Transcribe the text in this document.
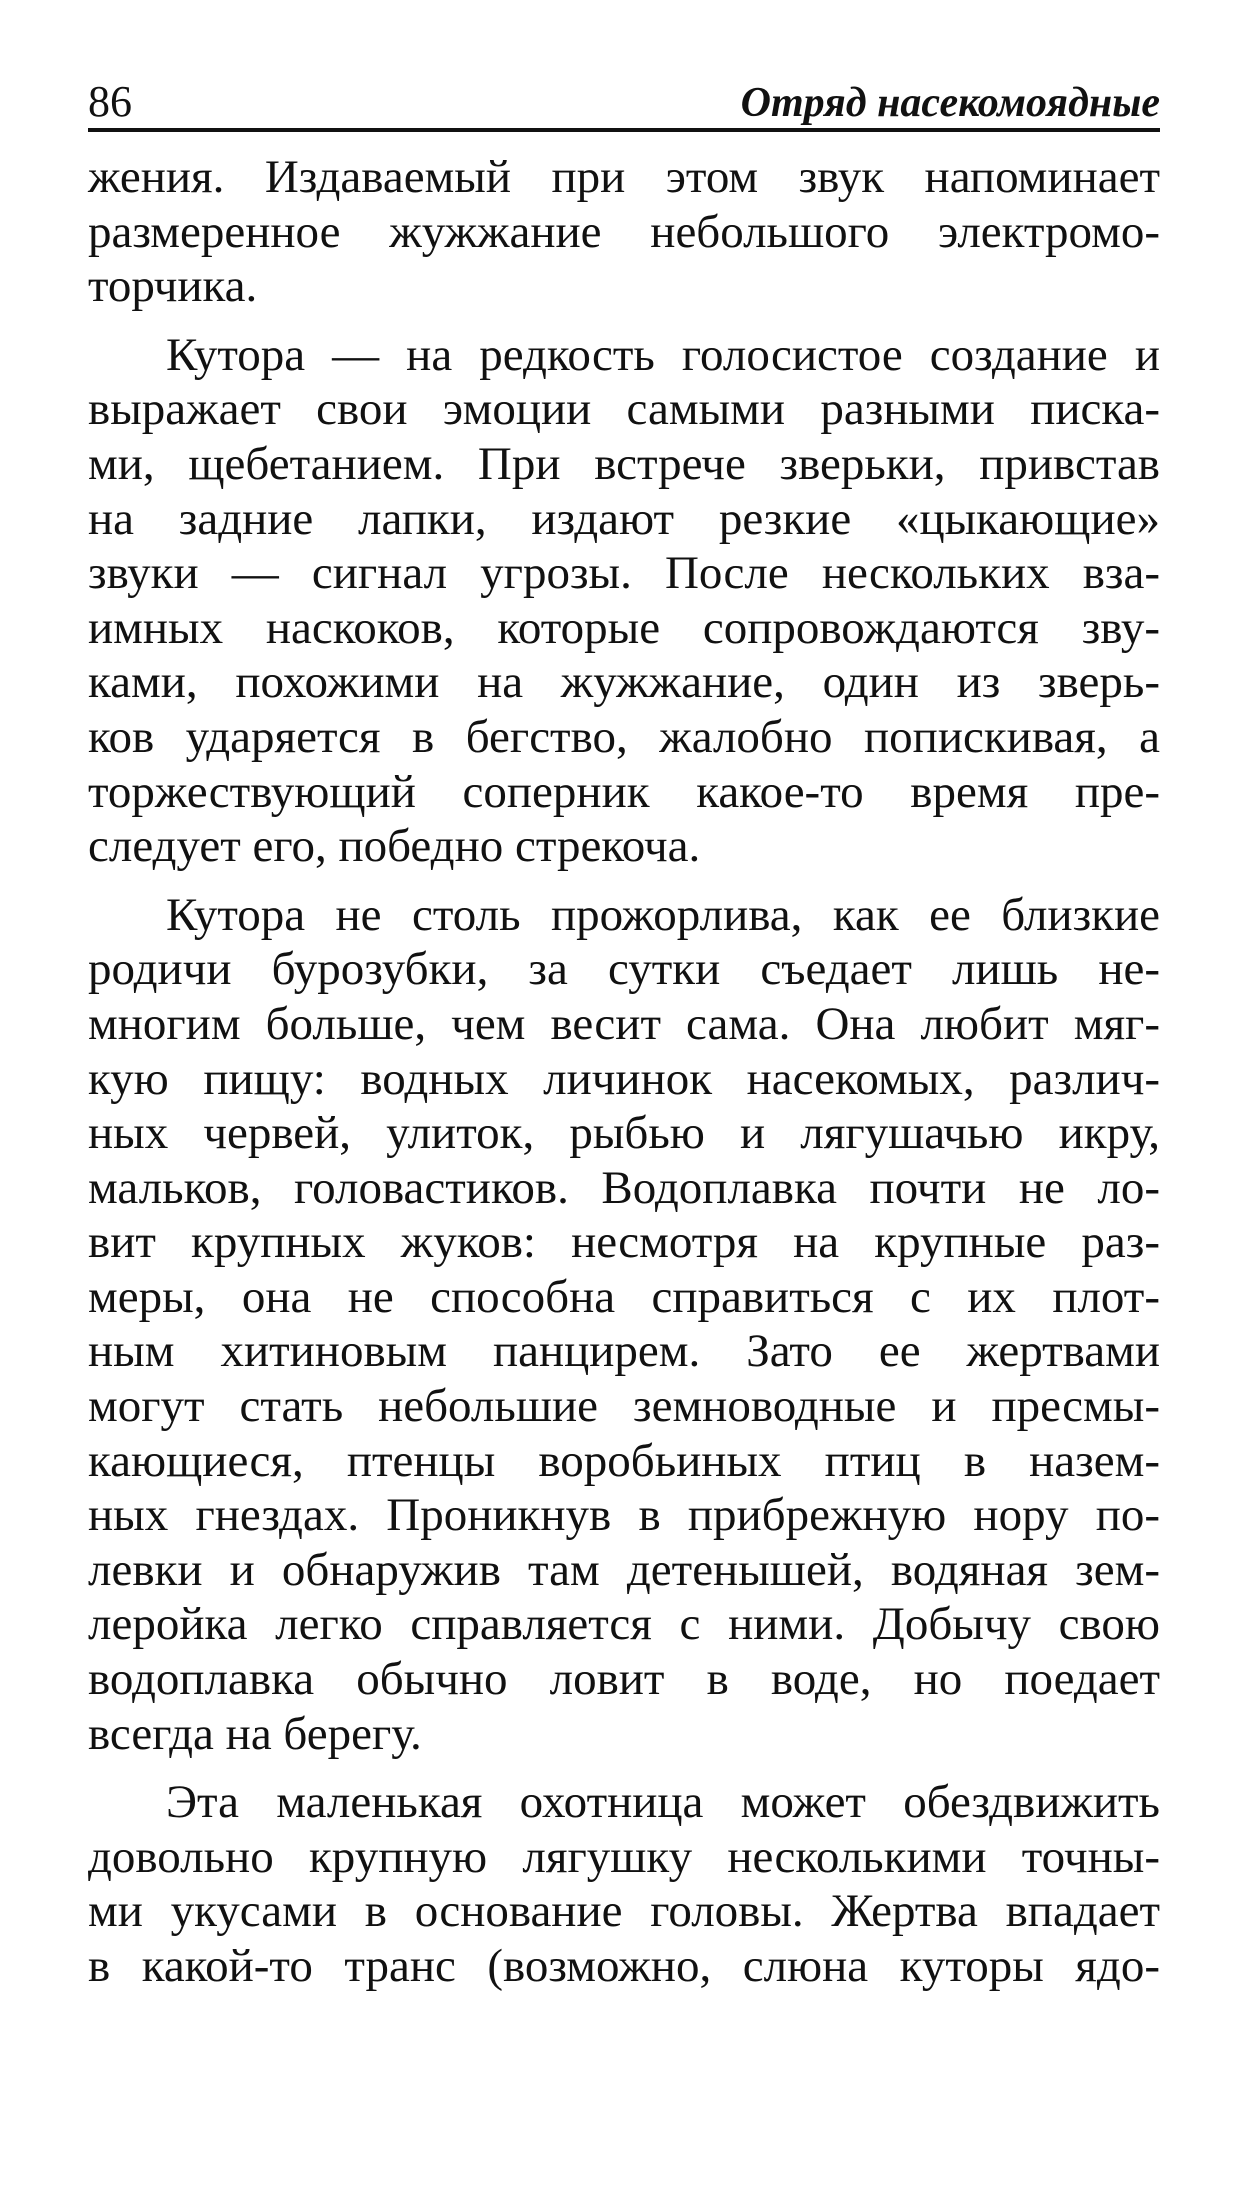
86	Отряд насекомоядные
жения. Издаваемый при этом звук напоминает
размеренное жужжание небольшого электромо-
торчика.
Кутора — на редкость голосистое создание и
выражает свои эмоции самыми разными писка-
ми, щебетанием. При встрече зверьки, привстав
на задние лапки, издают резкие «цыкающие»
звуки — сигнал угрозы. После нескольких вза-
имных наскоков, которые сопровождаются зву-
ками, похожими на жужжание, один из зверь-
ков ударяется в бегство, жалобно попискивая, а
торжествующий соперник какое-то время пре-
следует его, победно стрекоча.
Кутора не столь прожорлива, как ее близкие
родичи бурозубки, за сутки съедает лишь не-
многим больше, чем весит сама. Она любит мяг-
кую пищу: водных личинок насекомых, различ-
ных червей, улиток, рыбью и лягушачью икру,
мальков, головастиков. Водоплавка почти не ло-
вит крупных жуков: несмотря на крупные раз-
меры, она не способна справиться с их плот-
ным хитиновым панцирем. Зато ее жертвами
могут стать небольшие земноводные и пресмы-
кающиеся, птенцы воробьиных птиц в назем-
ных гнездах. Проникнув в прибрежную нору по-
левки и обнаружив там детенышей, водяная зем-
леройка легко справляется с ними. Добычу свою
водоплавка обычно ловит в воде, но поедает
всегда на берегу.
Эта маленькая охотница может обездвижить
довольно крупную лягушку несколькими точны-
ми укусами в основание головы. Жертва впадает
в какой-то транс (возможно, слюна куторы ядо-
